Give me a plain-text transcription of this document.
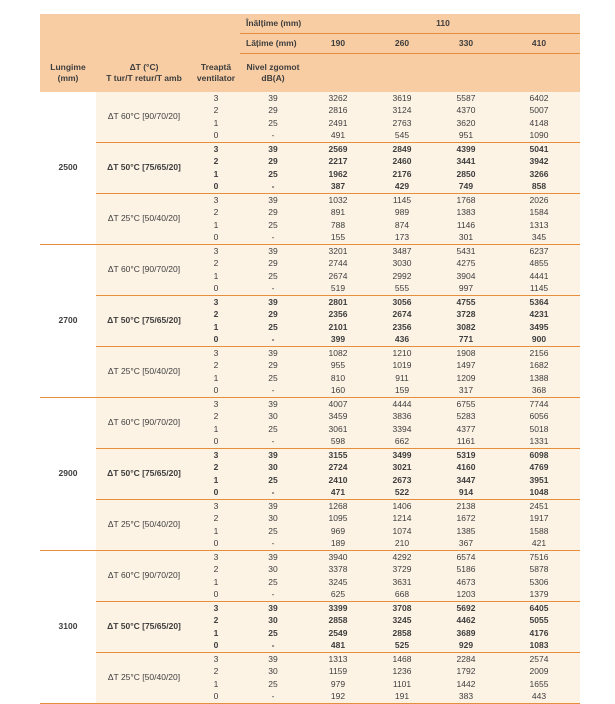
			Înălțime (mm)	110			
			Lățime (mm)	190	260	330	410

Lungime
(mm)

ΔT (°C)
T tur/T retur/T amb

Treaptă
ventilator

Nivel zgomot
dB(A)

2500	ΔT 60°C [90/70/20]	3	39	3262	3619	5587	6402
		2	29	2816	3124	4370	5007
		1	25	2491	2763	3620	4148
		0	-	491	545	951	1090
	ΔT 50°C [75/65/20]	3	39	2569	2849	4399	5041
		2	29	2217	2460	3441	3942
		1	25	1962	2176	2850	3266
		0	-	387	429	749	858
	ΔT 25°C [50/40/20]	3	39	1032	1145	1768	2026
		2	29	891	989	1383	1584
		1	25	788	874	1146	1313
		0	-	155	173	301	345
2700	ΔT 60°C [90/70/20]	3	39	3201	3487	5431	6237
		2	29	2744	3030	4275	4855
		1	25	2674	2992	3904	4441
		0	-	519	555	997	1145
	ΔT 50°C [75/65/20]	3	39	2801	3056	4755	5364
		2	29	2356	2674	3728	4231
		1	25	2101	2356	3082	3495
		0	-	399	436	771	900
	ΔT 25°C [50/40/20]	3	39	1082	1210	1908	2156
		2	29	955	1019	1497	1682
		1	25	810	911	1209	1388
		0	-	160	159	317	368
2900	ΔT 60°C [90/70/20]	3	39	4007	4444	6755	7744
		2	30	3459	3836	5283	6056
		1	25	3061	3394	4377	5018
		0	-	598	662	1161	1331
	ΔT 50°C [75/65/20]	3	39	3155	3499	5319	6098
		2	30	2724	3021	4160	4769
		1	25	2410	2673	3447	3951
		0	-	471	522	914	1048
	ΔT 25°C [50/40/20]	3	39	1268	1406	2138	2451
		2	30	1095	1214	1672	1917
		1	25	969	1074	1385	1588
		0	-	189	210	367	421
3100	ΔT 60°C [90/70/20]	3	39	3940	4292	6574	7516
		2	30	3378	3729	5186	5878
		1	25	3245	3631	4673	5306
		0	-	625	668	1203	1379
	ΔT 50°C [75/65/20]	3	39	3399	3708	5692	6405
		2	30	2858	3245	4462	5055
		1	25	2549	2858	3689	4176
		0	-	481	525	929	1083
	ΔT 25°C [50/40/20]	3	39	1313	1468	2284	2574
		2	30	1159	1236	1792	2009
		1	25	979	1101	1442	1655
		0	-	192	191	383	443
